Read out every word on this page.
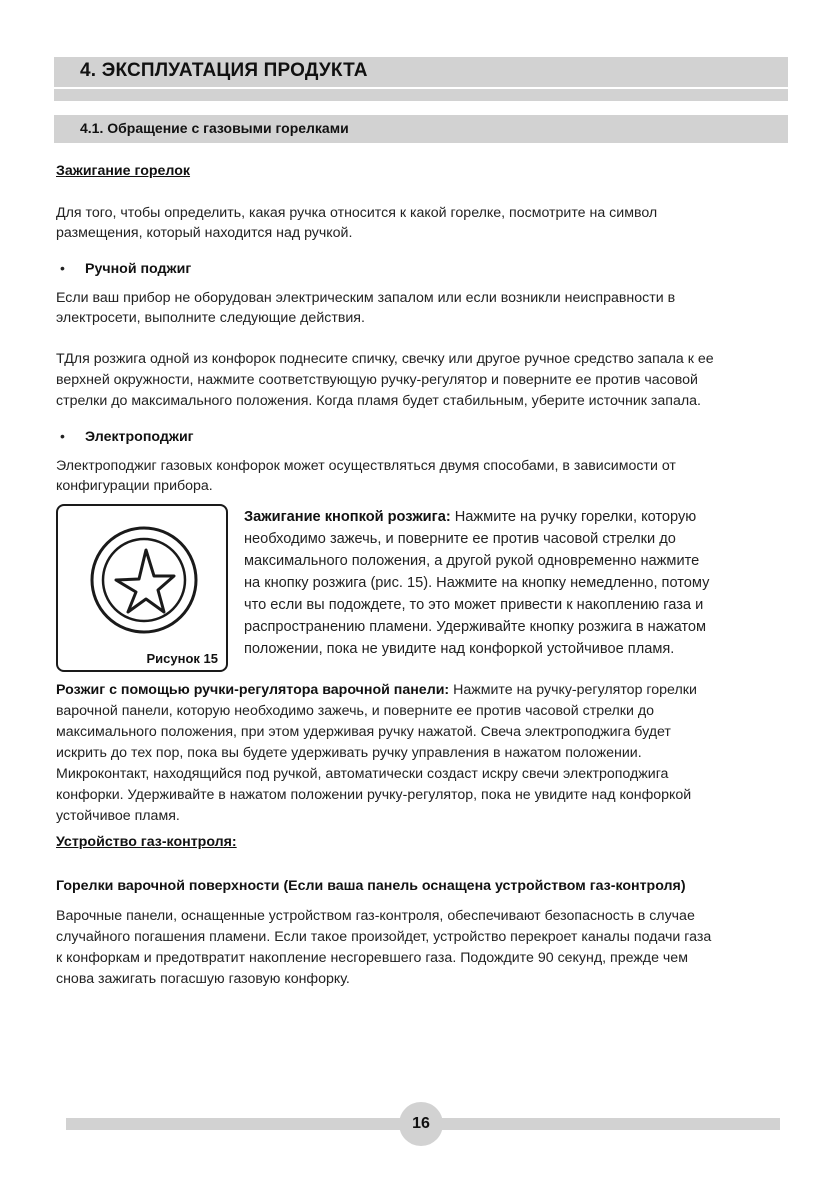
4. ЭКСПЛУАТАЦИЯ ПРОДУКТА
4.1. Обращение с газовыми горелками
Зажигание горелок
Для того, чтобы определить, какая ручка относится к какой горелке, посмотрите на символ
размещения, который находится над ручкой.
• Ручной поджиг
Если ваш прибор не оборудован электрическим запалом или если возникли неисправности в
электросети, выполните следующие действия.
ТДля розжига одной из конфорок поднесите спичку, свечку или другое ручное средство запала к ее
верхней окружности, нажмите соответствующую ручку-регулятор и поверните ее против часовой
стрелки до максимального положения. Когда пламя будет стабильным, уберите источник запала.
• Электроподжиг
Электроподжиг газовых конфорок может осуществляться двумя способами, в зависимости от
конфигурации прибора.
Рисунок 15
Зажигание кнопкой розжига: Нажмите на ручку горелки, которую
необходимо зажечь, и поверните ее против часовой стрелки до
максимального положения, а другой рукой одновременно нажмите
на кнопку розжига (рис. 15). Нажмите на кнопку немедленно, потому
что если вы подождете, то это может привести к накоплению газа и
распространению пламени. Удерживайте кнопку розжига в нажатом
положении, пока не увидите над конфоркой устойчивое пламя.
Розжиг с помощью ручки-регулятора варочной панели: Нажмите на ручку-регулятор горелки
варочной панели, которую необходимо зажечь, и поверните ее против часовой стрелки до
максимального положения, при этом удерживая ручку нажатой. Свеча электроподжига будет
искрить до тех пор, пока вы будете удерживать ручку управления в нажатом положении.
Микроконтакт, находящийся под ручкой, автоматически создаст искру свечи электроподжига
конфорки. Удерживайте в нажатом положении ручку-регулятор, пока не увидите над конфоркой
устойчивое пламя.
Устройство газ-контроля:
Горелки варочной поверхности (Если ваша панель оснащена устройством газ-контроля)
Варочные панели, оснащенные устройством газ-контроля, обеспечивают безопасность в случае
случайного погашения пламени. Если такое произойдет, устройство перекроет каналы подачи газа
к конфоркам и предотвратит накопление несгоревшего газа. Подождите 90 секунд, прежде чем
снова зажигать погасшую газовую конфорку.
16
